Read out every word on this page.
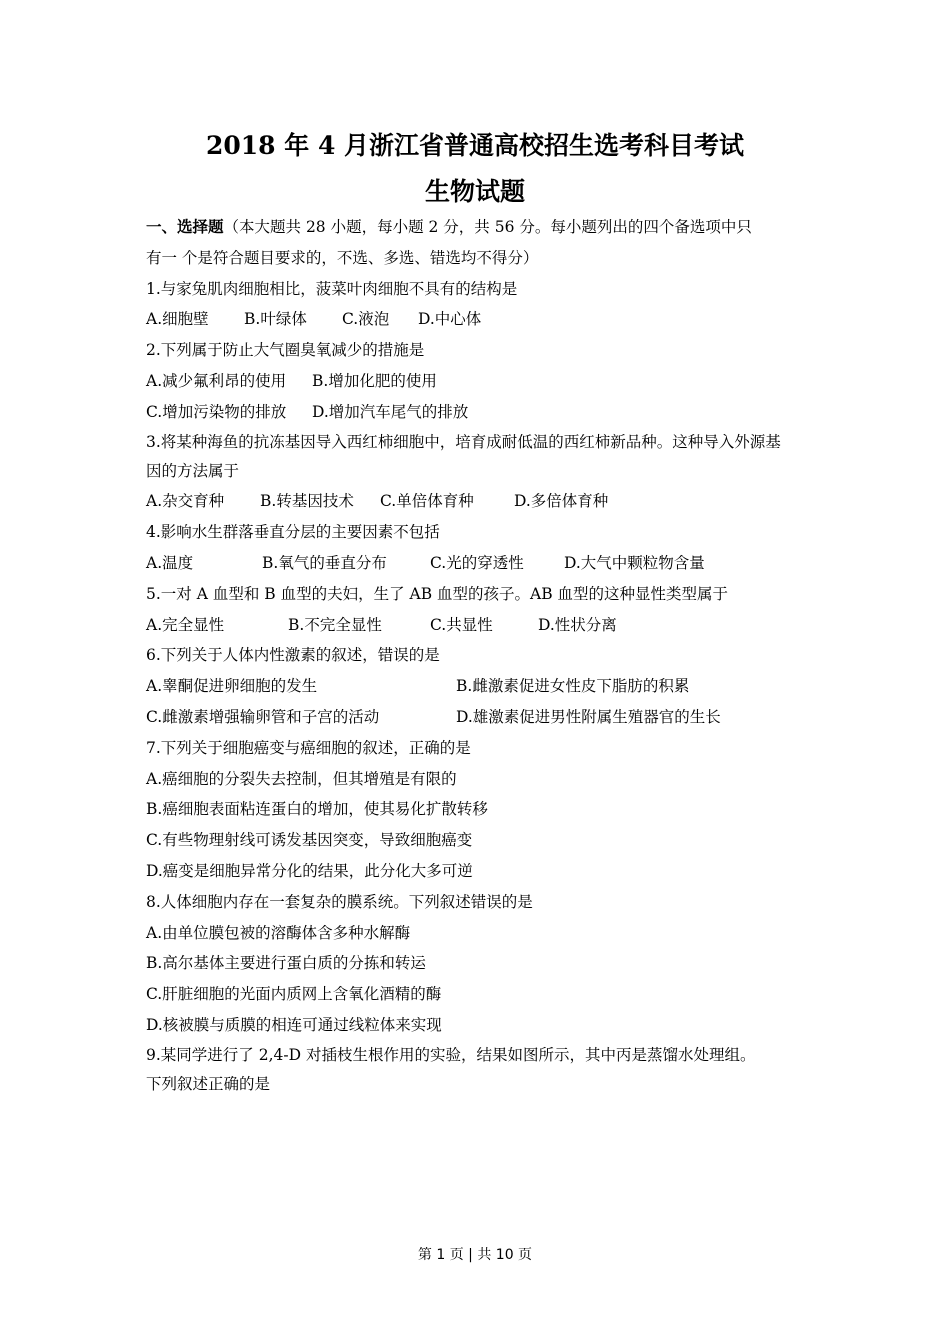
2018 年 4 月浙江省普通高校招生选考科目考试
生物试题
一、选择题（本大题共 28 小题，每小题 2 分，共 56 分。每小题列出的四个备选项中只
有一 个是符合题目要求的，不选、多选、错选均不得分）
1.与家兔肌肉细胞相比，菠菜叶肉细胞不具有的结构是
A.细胞壁 B.叶绿体 C.液泡 D.中心体
2.下列属于防止大气圈臭氧减少的措施是
A.减少氟利昂的使用 B.增加化肥的使用
C.增加污染物的排放 D.增加汽车尾气的排放
3.将某种海鱼的抗冻基因导入西红柿细胞中，培育成耐低温的西红柿新品种。这种导入外源基
因的方法属于
A.杂交育种 B.转基因技术 C.单倍体育种	D.多倍体育种
4.影响水生群落垂直分层的主要因素不包括
A.温度	B.氧气的垂直分布	C.光的穿透性	D.大气中颗粒物含量
5.一对 A 血型和 B 血型的夫妇，生了 AB 血型的孩子。AB 血型的这种显性类型属于
A.完全显性	B.不完全显性	C.共显性	D.性状分离
6.下列关于人体内性激素的叙述，错误的是
A.睾酮促进卵细胞的发生	B.雌激素促进女性皮下脂肪的积累
C.雌激素增强输卵管和子宫的活动	D.雄激素促进男性附属生殖器官的生长
7.下列关于细胞癌变与癌细胞的叙述，正确的是
A.癌细胞的分裂失去控制，但其增殖是有限的
B.癌细胞表面粘连蛋白的增加，使其易化扩散转移
C.有些物理射线可诱发基因突变，导致细胞癌变
D.癌变是细胞异常分化的结果，此分化大多可逆
8.人体细胞内存在一套复杂的膜系统。下列叙述错误的是
A.由单位膜包被的溶酶体含多种水解酶
B.高尔基体主要进行蛋白质的分拣和转运
C.肝脏细胞的光面内质网上含氧化酒精的酶
D.核被膜与质膜的相连可通过线粒体来实现
9.某同学进行了 2,4-D 对插枝生根作用的实验，结果如图所示，其中丙是蒸馏水处理组。
下列叙述正确的是
第 1 页 | 共 10 页
